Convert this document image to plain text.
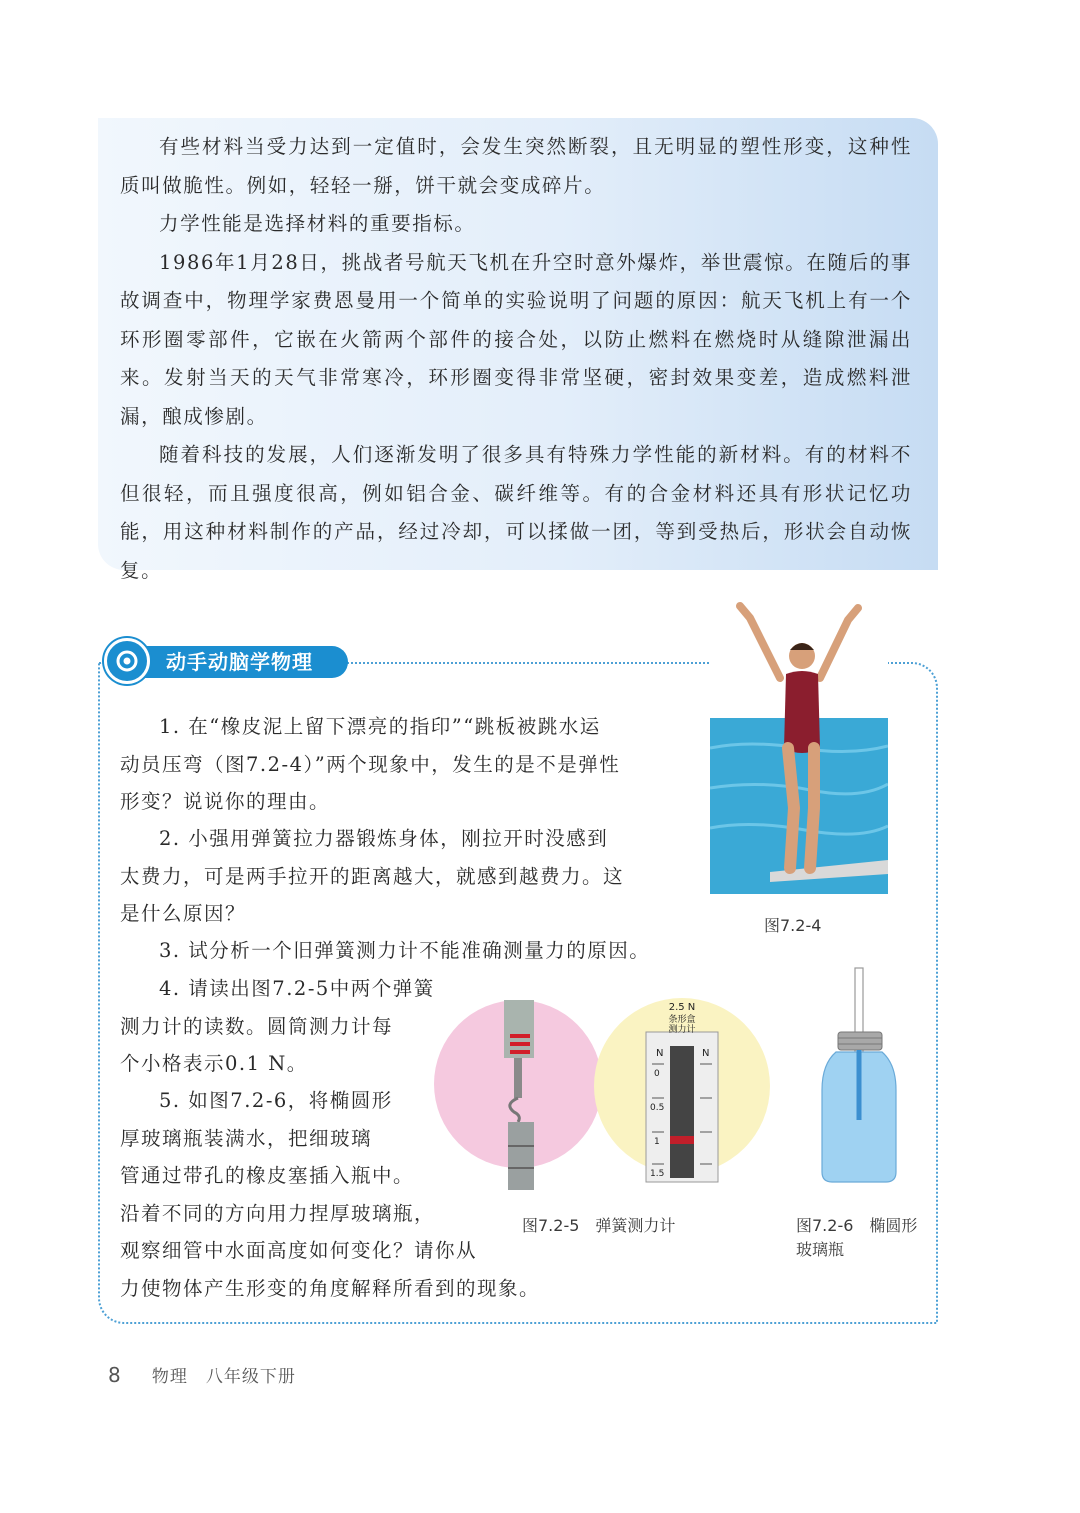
有些材料当受力达到一定值时，会发生突然断裂，且无明显的塑性形变，这种性质叫做脆性。例如，轻轻一掰，饼干就会变成碎片。

力学性能是选择材料的重要指标。

1986年1月28日，挑战者号航天飞机在升空时意外爆炸，举世震惊。在随后的事故调查中，物理学家费恩曼用一个简单的实验说明了问题的原因：航天飞机上有一个环形圈零部件，它嵌在火箭两个部件的接合处，以防止燃料在燃烧时从缝隙泄漏出来。发射当天的天气非常寒冷，环形圈变得非常坚硬，密封效果变差，造成燃料泄漏，酿成惨剧。

随着科技的发展，人们逐渐发明了很多具有特殊力学性能的新材料。有的材料不但很轻，而且强度很高，例如铝合金、碳纤维等。有的合金材料还具有形状记忆功能，用这种材料制作的产品，经过冷却，可以揉做一团，等到受热后，形状会自动恢复。

动手动脑学物理
1. 在“橡皮泥上留下漂亮的指印”“跳板被跳水运
动员压弯（图7.2-4）”两个现象中，发生的是不是弹性
形变？说说你的理由。
2. 小强用弹簧拉力器锻炼身体，刚拉开时没感到
太费力，可是两手拉开的距离越大，就感到越费力。这
是什么原因？
3. 试分析一个旧弹簧测力计不能准确测量力的原因。
4. 请读出图7.2-5中两个弹簧
测力计的读数。圆筒测力计每
个小格表示0.1 N。
5. 如图7.2-6，将椭圆形
厚玻璃瓶装满水，把细玻璃
管通过带孔的橡皮塞插入瓶中。
沿着不同的方向用力捏厚玻璃瓶，
观察细管中水面高度如何变化？请你从
力使物体产生形变的角度解释所看到的现象。
图7.2-4
2.5 N
条形盒
测力计
N	N
0
0.5
1
1.5
图7.2-5　弹簧测力计	图7.2-6　椭圆形
玻璃瓶
8 物理　八年级下册
